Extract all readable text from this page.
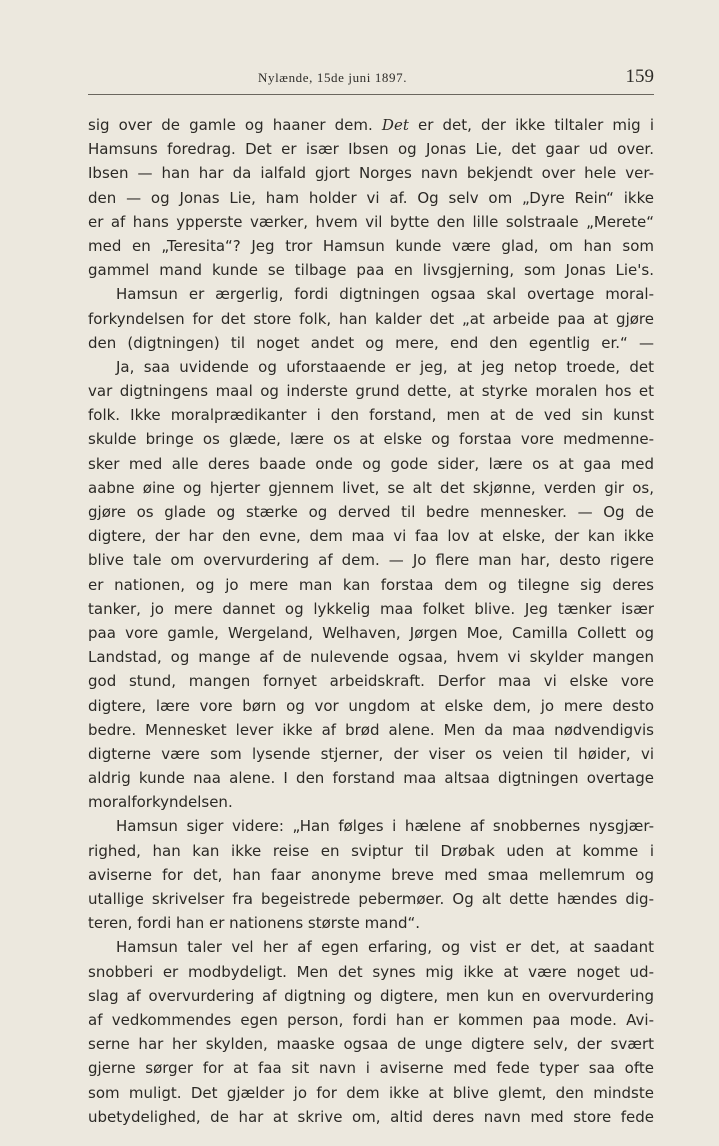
Nylænde, 15de juni 1897.	159
sig over de gamle og haaner dem. Det er det, der ikke tiltaler mig i
Hamsuns foredrag. Det er især Ibsen og Jonas Lie, det gaar ud over.
Ibsen — han har da ialfald gjort Norges navn bekjendt over hele ver-
den — og Jonas Lie, ham holder vi af. Og selv om „Dyre Rein“ ikke
er af hans ypperste værker, hvem vil bytte den lille solstraale „Merete“
med en „Teresita“? Jeg tror Hamsun kunde være glad, om han som
gammel mand kunde se tilbage paa en livsgjerning, som Jonas Lie's.
Hamsun er ærgerlig, fordi digtningen ogsaa skal overtage moral-
forkyndelsen for det store folk, han kalder det „at arbeide paa at gjøre
den (digtningen) til noget andet og mere, end den egentlig er.“ —
Ja, saa uvidende og uforstaaende er jeg, at jeg netop troede, det
var digtningens maal og inderste grund dette, at styrke moralen hos et
folk. Ikke moralprædikanter i den forstand, men at de ved sin kunst
skulde bringe os glæde, lære os at elske og forstaa vore medmenne-
sker med alle deres baade onde og gode sider, lære os at gaa med
aabne øine og hjerter gjennem livet, se alt det skjønne, verden gir os,
gjøre os glade og stærke og derved til bedre mennesker. — Og de
digtere, der har den evne, dem maa vi faa lov at elske, der kan ikke
blive tale om overvurdering af dem. — Jo flere man har, desto rigere
er nationen, og jo mere man kan forstaa dem og tilegne sig deres
tanker, jo mere dannet og lykkelig maa folket blive. Jeg tænker især
paa vore gamle, Wergeland, Welhaven, Jørgen Moe, Camilla Collett og
Landstad, og mange af de nulevende ogsaa, hvem vi skylder mangen
god stund, mangen fornyet arbeidskraft. Derfor maa vi elske vore
digtere, lære vore børn og vor ungdom at elske dem, jo mere desto
bedre. Mennesket lever ikke af brød alene. Men da maa nødvendigvis
digterne være som lysende stjerner, der viser os veien til høider, vi
aldrig kunde naa alene. I den forstand maa altsaa digtningen overtage
moralforkyndelsen.
Hamsun siger videre: „Han følges i hælene af snobbernes nysgjær-
righed, han kan ikke reise en sviptur til Drøbak uden at komme i
aviserne for det, han faar anonyme breve med smaa mellemrum og
utallige skrivelser fra begeistrede pebermøer. Og alt dette hændes dig-
teren, fordi han er nationens største mand“.
Hamsun taler vel her af egen erfaring, og vist er det, at saadant
snobberi er modbydeligt. Men det synes mig ikke at være noget ud-
slag af overvurdering af digtning og digtere, men kun en overvurdering
af vedkommendes egen person, fordi han er kommen paa mode. Avi-
serne har her skylden, maaske ogsaa de unge digtere selv, der svært
gjerne sørger for at faa sit navn i aviserne med fede typer saa ofte
som muligt. Det gjælder jo for dem ikke at blive glemt, den mindste
ubetydelighed, de har at skrive om, altid deres navn med store fede
